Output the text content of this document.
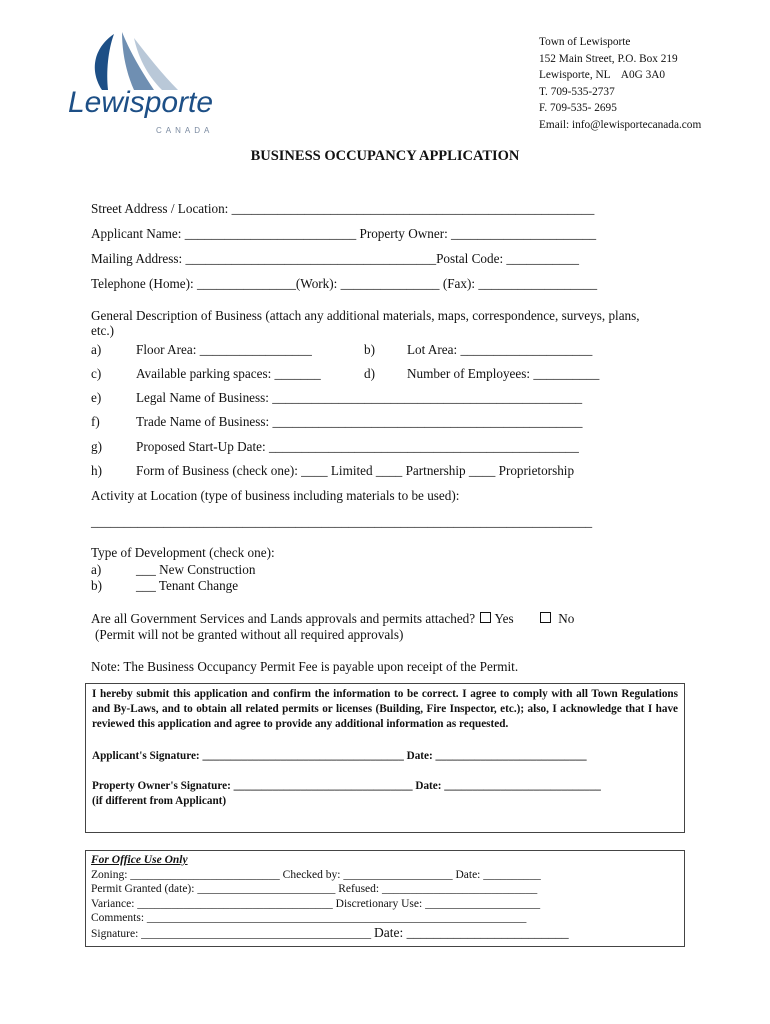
Lewisporte
CANADA
Town of Lewisporte
152 Main Street, P.O. Box 219
Lewisporte, NL    A0G 3A0
T. 709-535-2737
F. 709-535- 2695
Email: info@lewisportecanada.com
BUSINESS OCCUPANCY APPLICATION
Street Address / Location: _______________________________________________________
Applicant Name: __________________________ Property Owner: ______________________
Mailing Address: ______________________________________Postal Code: ___________
Telephone (Home): _______________(Work): _______________ (Fax): __________________
General Description of Business (attach any additional materials, maps, correspondence, surveys, plans,
etc.)
a)	Floor Area: _________________	b) Lot Area: ____________________
c)	Available parking spaces: _______	d) Number of Employees: __________
e)	Legal Name of Business: _______________________________________________
f)	Trade Name of Business: _______________________________________________
g)	Proposed Start-Up Date: _______________________________________________
h)	Form of Business (check one): ____ Limited ____ Partnership ____ Proprietorship
Activity at Location (type of business including materials to be used):
____________________________________________________________________________
Type of Development (check one):
a)	___ New Construction
b)	___ Tenant Change
Are all Government Services and Lands approvals and permits attached? Yes	No
(Permit will not be granted without all required approvals)
Note: The Business Occupancy Permit Fee is payable upon receipt of the Permit.
I hereby submit this application and confirm the information to be correct. I agree to comply with all Town Regulations and By-Laws, and to obtain all related permits or licenses (Building, Fire Inspector, etc.); also, I acknowledge that I have reviewed this application and agree to provide any additional information as requested.
Applicant's Signature: ____________________________________ Date: ___________________________
Property Owner's Signature: ________________________________ Date: ____________________________
(if different from Applicant)
For Office Use Only
Zoning: __________________________ Checked by: ___________________ Date: __________
Permit Granted (date): ________________________ Refused: ___________________________
Variance: __________________________________ Discretionary Use: ____________________
Comments: __________________________________________________________________
Signature: ________________________________________ Date: ________________________
